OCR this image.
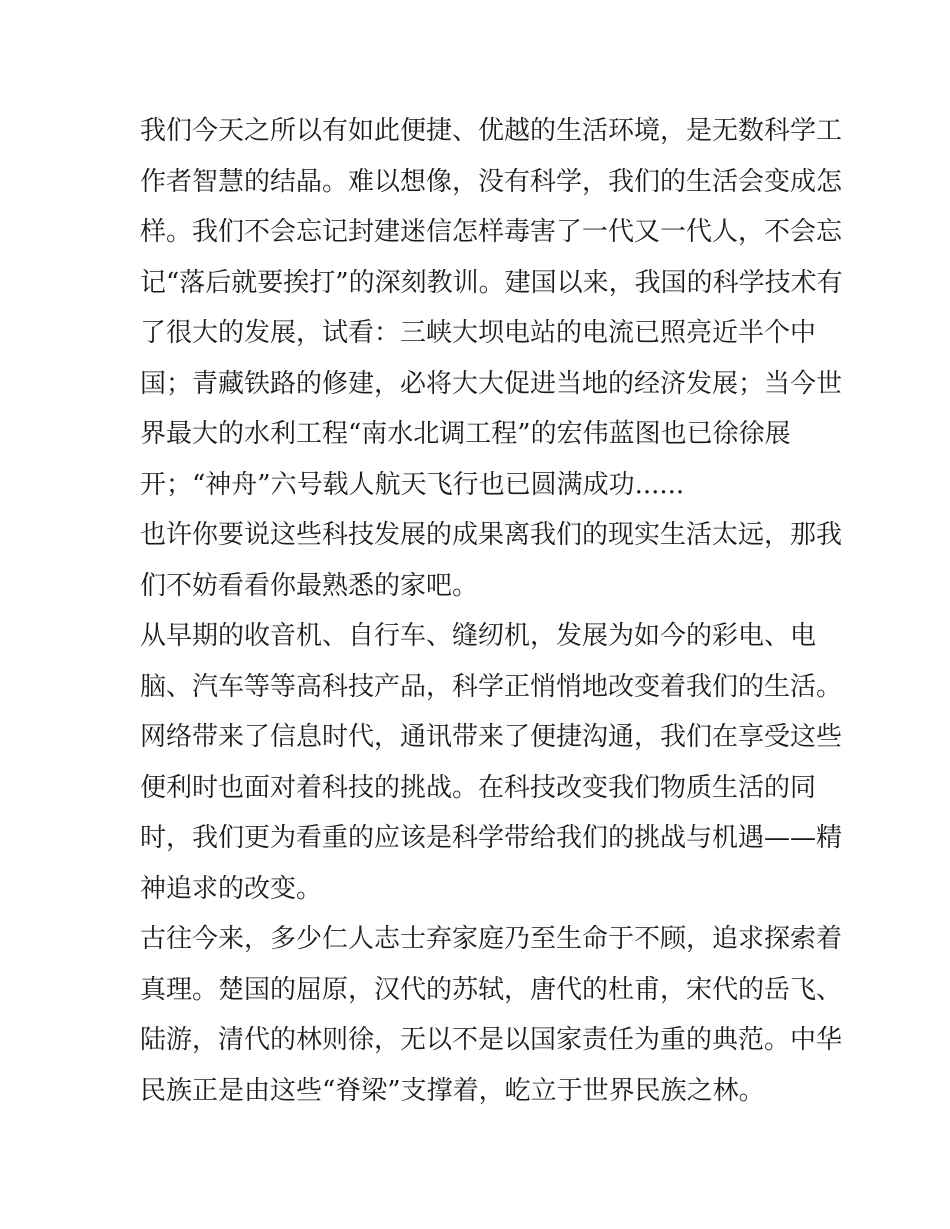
我们今天之所以有如此便捷、优越的生活环境，是无数科学工
作者智慧的结晶。难以想像，没有科学，我们的生活会变成怎
样。我们不会忘记封建迷信怎样毒害了一代又一代人，不会忘
记“落后就要挨打”的深刻教训。建国以来，我国的科学技术有
了很大的发展，试看：三峡大坝电站的电流已照亮近半个中
国；青藏铁路的修建，必将大大促进当地的经济发展；当今世
界最大的水利工程“南水北调工程”的宏伟蓝图也已徐徐展
开；“神舟”六号载人航天飞行也已圆满成功......

也许你要说这些科技发展的成果离我们的现实生活太远，那我
们不妨看看你最熟悉的家吧。

从早期的收音机、自行车、缝纫机，发展为如今的彩电、电
脑、汽车等等高科技产品，科学正悄悄地改变着我们的生活。
网络带来了信息时代，通讯带来了便捷沟通，我们在享受这些
便利时也面对着科技的挑战。在科技改变我们物质生活的同
时，我们更为看重的应该是科学带给我们的挑战与机遇——精
神追求的改变。

古往今来，多少仁人志士弃家庭乃至生命于不顾，追求探索着
真理。楚国的屈原，汉代的苏轼，唐代的杜甫，宋代的岳飞、
陆游，清代的林则徐，无以不是以国家责任为重的典范。中华
民族正是由这些“脊梁”支撑着，屹立于世界民族之林。
